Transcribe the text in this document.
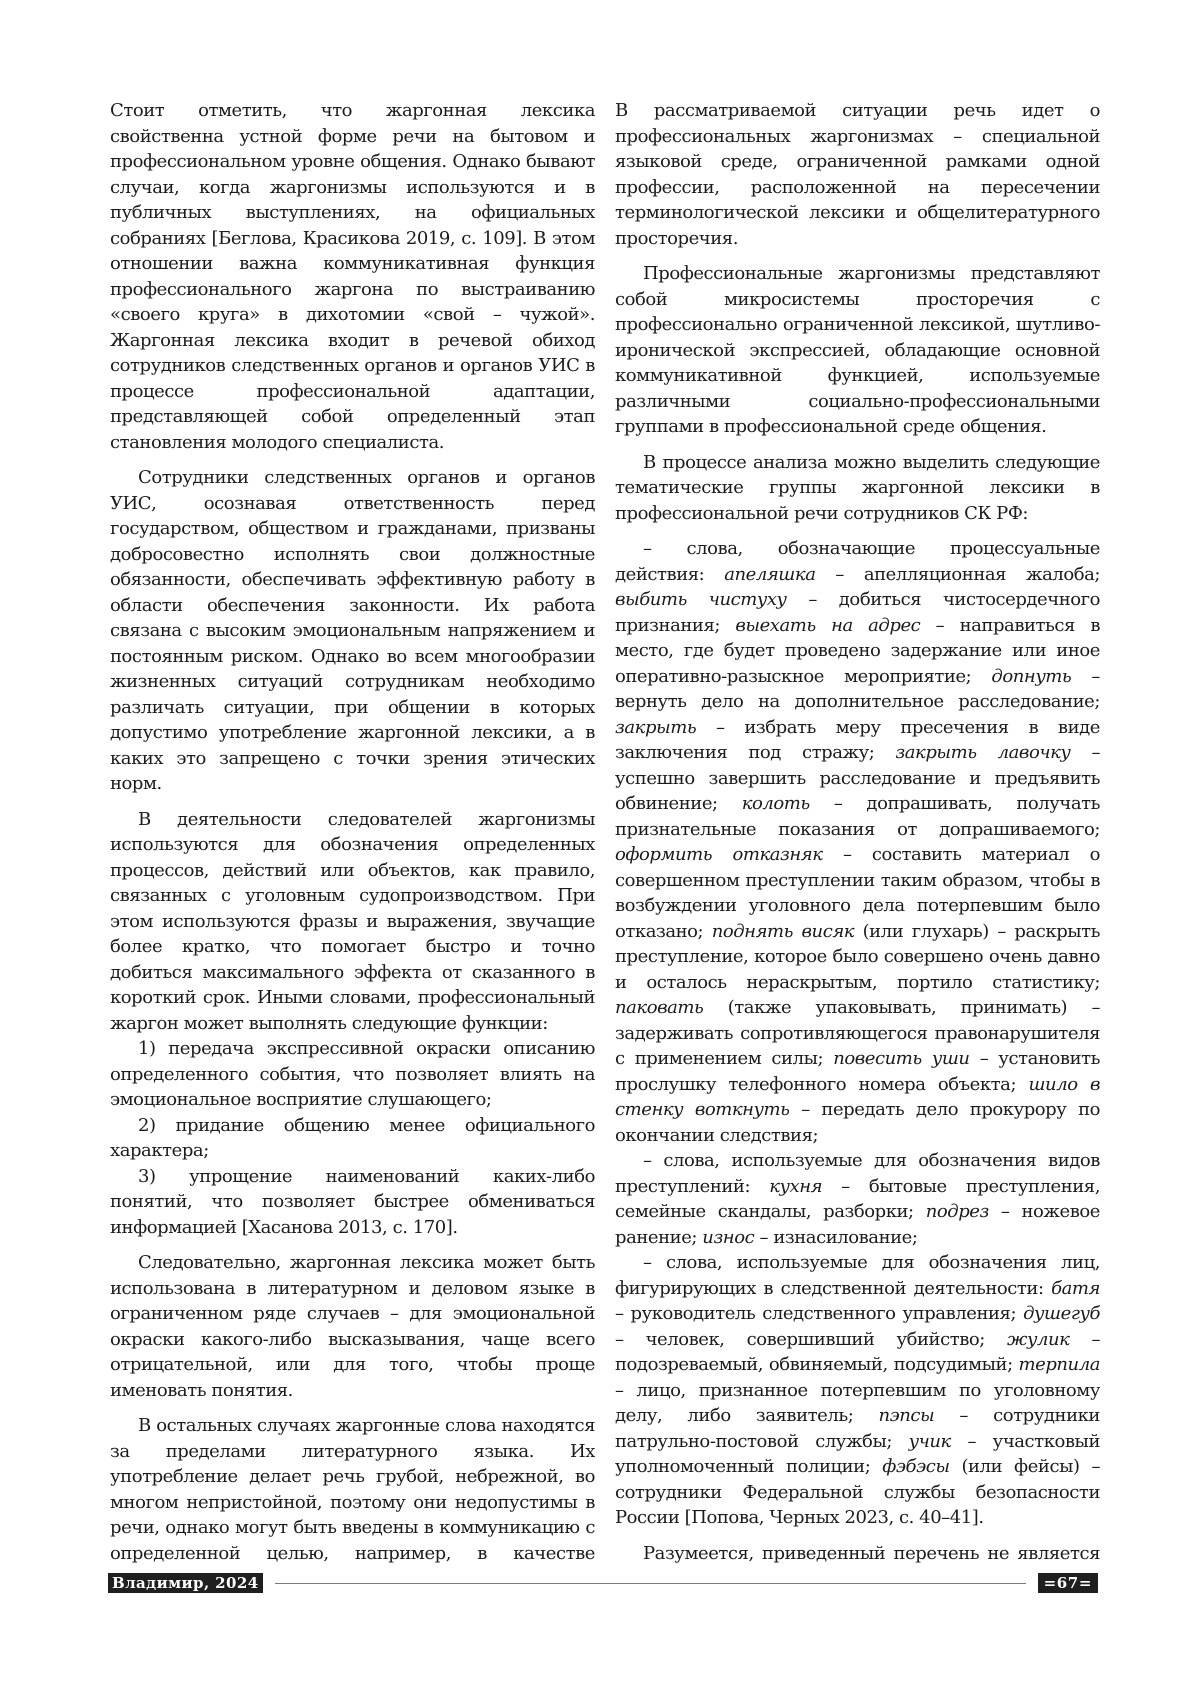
Стоит отметить, что жаргонная лексика свойственна устной форме речи на бытовом и профессиональном уровне общения. Однако бывают случаи, когда жаргонизмы используются и в публичных выступлениях, на официальных собраниях [Беглова, Красикова 2019, с. 109]. В этом отношении важна коммуникативная функция профессионального жаргона по выстраиванию «своего круга» в дихотомии «свой – чужой». Жаргонная лексика входит в речевой обиход сотрудников следственных органов и органов УИС в процессе профессиональной адаптации, представляющей собой определенный этап становления молодого специалиста.

Сотрудники следственных органов и органов УИС, осознавая ответственность перед государством, обществом и гражданами, призваны добросовестно исполнять свои должностные обязанности, обеспечивать эффективную работу в области обеспечения законности. Их работа связана с высоким эмоциональным напряжением и постоянным риском. Однако во всем многообразии жизненных ситуаций сотрудникам необходимо различать ситуации, при общении в которых допустимо употребление жаргонной лексики, а в каких это запрещено с точки зрения этических норм.

В деятельности следователей жаргонизмы используются для обозначения определенных процессов, действий или объектов, как правило, связанных с уголовным судопроизводством. При этом используются фразы и выражения, звучащие более кратко, что помогает быстро и точно добиться максимального эффекта от сказанного в короткий срок. Иными словами, профессиональный жаргон может выполнять следующие функции:

1) передача экспрессивной окраски описанию определенного события, что позволяет влиять на эмоциональное восприятие слушающего;

2) придание общению менее официального характера;

3) упрощение наименований каких-либо понятий, что позволяет быстрее обмениваться информацией [Хасанова 2013, с. 170].

Следовательно, жаргонная лексика может быть использована в литературном и деловом языке в ограниченном ряде случаев – для эмоциональной окраски какого-либо высказывания, чаще всего отрицательной, или для того, чтобы проще именовать понятия.

В остальных случаях жаргонные слова находятся за пределами литературного языка. Их употребление делает речь грубой, небрежной, во многом непристойной, поэтому они недопустимы в речи, однако могут быть введены в коммуникацию с определенной целью, например, в качестве

В рассматриваемой ситуации речь идет о профессиональных жаргонизмах – специальной языковой среде, ограниченной рамками одной профессии, расположенной на пересечении терминологической лексики и общелитературного просторечия.

Профессиональные жаргонизмы представляют собой микросистемы просторечия с профессионально ограниченной лексикой, шутливо-иронической экспрессией, обладающие основной коммуникативной функцией, используемые различными социально-профессиональными группами в профессиональной среде общения.

В процессе анализа можно выделить следующие тематические группы жаргонной лексики в профессиональной речи сотрудников СК РФ:

– слова, обозначающие процессуальные действия: апеляшка – апелляционная жалоба; выбить чистуху – добиться чистосердечного признания; выехать на адрес – направиться в место, где будет проведено задержание или иное оперативно-разыскное мероприятие; допнуть – вернуть дело на дополнительное расследование; закрыть – избрать меру пресечения в виде заключения под стражу; закрыть лавочку – успешно завершить расследование и предъявить обвинение; колоть – допрашивать, получать признательные показания от допрашиваемого; оформить отказняк – составить материал о совершенном преступлении таким образом, чтобы в возбуждении уголовного дела потерпевшим было отказано; поднять висяк (или глухарь) – раскрыть преступление, которое было совершено очень давно и осталось нераскрытым, портило статистику; паковать (также упаковывать, принимать) – задерживать сопротивляющегося правонарушителя с применением силы; повесить уши – установить прослушку телефонного номера объекта; шило в стенку воткнуть – передать дело прокурору по окончании следствия;

– слова, используемые для обозначения видов преступлений: кухня – бытовые преступления, семейные скандалы, разборки; подрез – ножевое ранение; износ – изнасилование;

– слова, используемые для обозначения лиц, фигурирующих в следственной деятельности: батя – руководитель следственного управления; душегуб – человек, совершивший убийство; жулик – подозреваемый, обвиняемый, подсудимый; терпила – лицо, признанное потерпевшим по уголовному делу, либо заявитель; пэпсы – сотрудники патрульно-постовой службы; учик – участковый уполномоченный полиции; фэбэсы (или фейсы) – сотрудники Федеральной службы безопасности России [Попова, Черных 2023, с. 40–41].

Разумеется, приведенный перечень не является

Владимир, 2024	=67=
